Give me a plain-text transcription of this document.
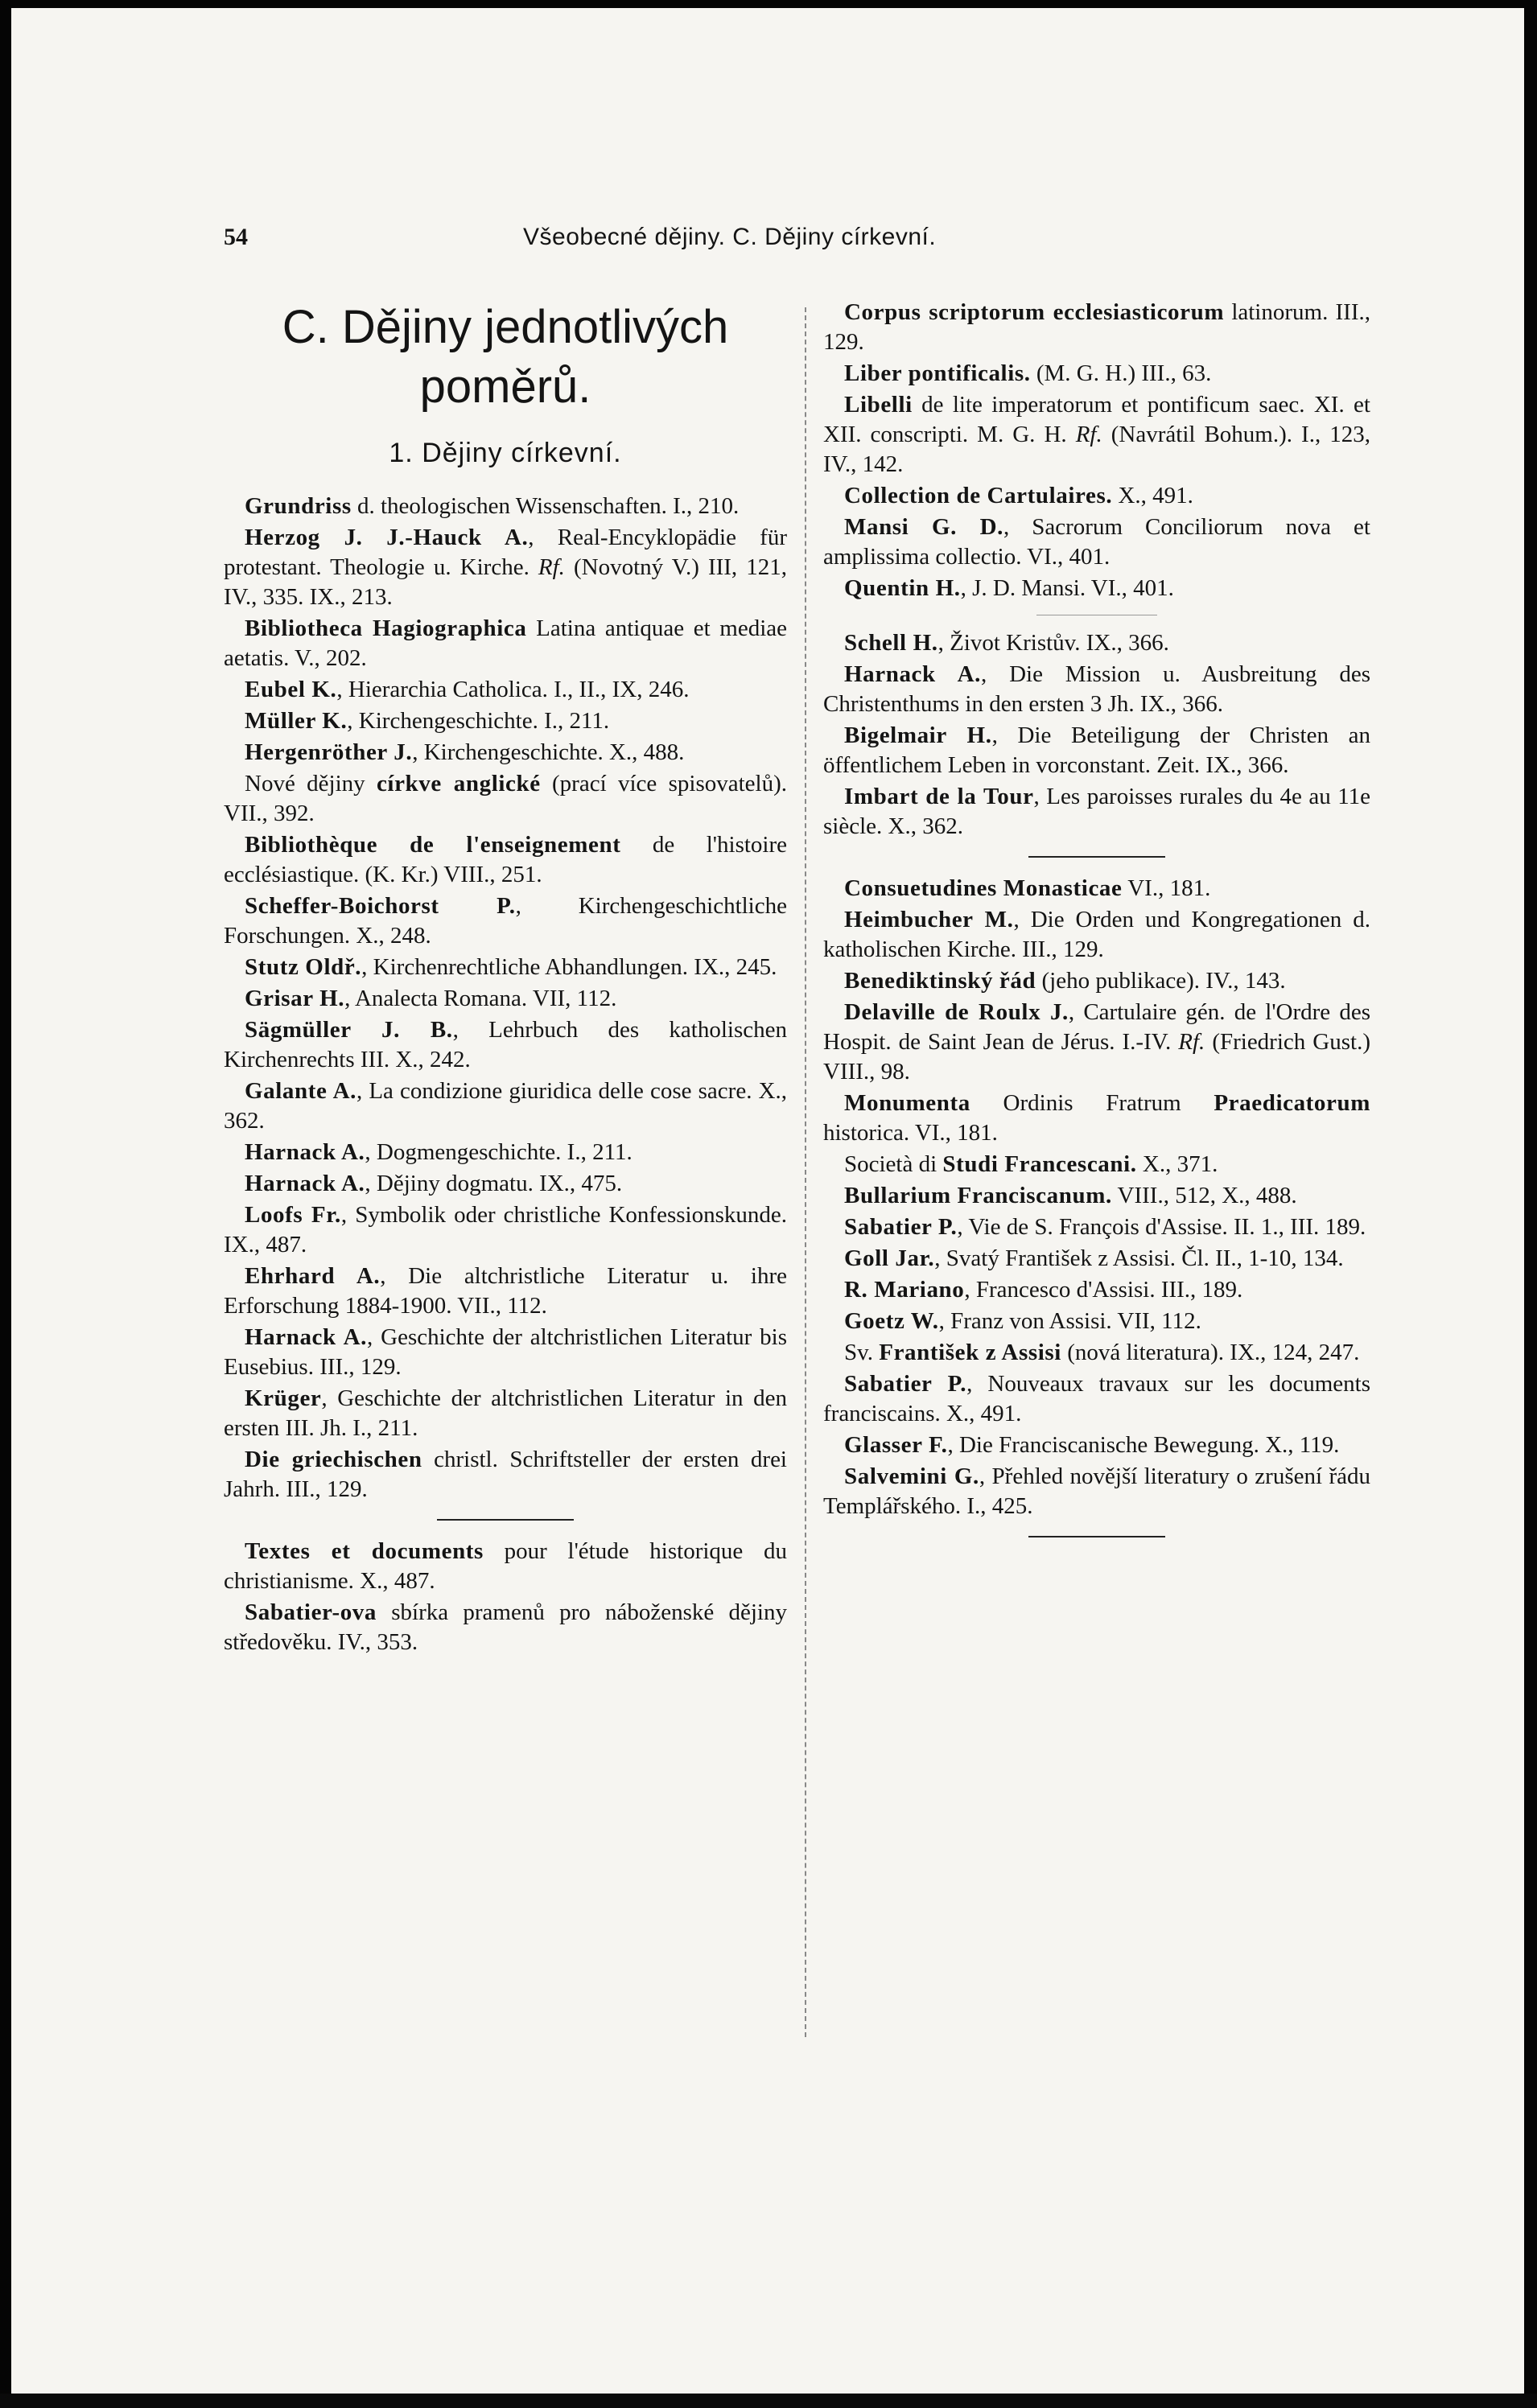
54	Všeobecné dějiny. C. Dějiny církevní.
C. Dějiny jednotlivých poměrů.
1. Dějiny církevní.

Grundriss d. theologischen Wissenschaften. I., 210.

Herzog J. J.-Hauck A., Real-Encyklopädie für protestant. Theologie u. Kirche. Rf. (Novotný V.) III, 121, IV., 335. IX., 213.

Bibliotheca Hagiographica Latina antiquae et mediae aetatis. V., 202.

Eubel K., Hierarchia Catholica. I., II., IX, 246.

Müller K., Kirchengeschichte. I., 211.

Hergenröther J., Kirchengeschichte. X., 488.

Nové dějiny církve anglické (prací více spisovatelů). VII., 392.

Bibliothèque de l'enseignement de l'histoire ecclésiastique. (K. Kr.) VIII., 251.

Scheffer-Boichorst P., Kirchengeschichtliche Forschungen. X., 248.

Stutz Oldř., Kirchenrechtliche Abhandlungen. IX., 245.

Grisar H., Analecta Romana. VII, 112.

Sägmüller J. B., Lehrbuch des katholischen Kirchenrechts III. X., 242.

Galante A., La condizione giuridica delle cose sacre. X., 362.

Harnack A., Dogmengeschichte. I., 211.

Harnack A., Dějiny dogmatu. IX., 475.

Loofs Fr., Symbolik oder christliche Konfessionskunde. IX., 487.

Ehrhard A., Die altchristliche Literatur u. ihre Erforschung 1884-1900. VII., 112.

Harnack A., Geschichte der altchristlichen Literatur bis Eusebius. III., 129.

Krüger, Geschichte der altchristlichen Literatur in den ersten III. Jh. I., 211.

Die griechischen christl. Schriftsteller der ersten drei Jahrh. III., 129.

Textes et documents pour l'étude historique du christianisme. X., 487.

Sabatier-ova sbírka pramenů pro náboženské dějiny středověku. IV., 353.

Corpus scriptorum ecclesiasticorum latinorum. III., 129.

Liber pontificalis. (M. G. H.) III., 63.

Libelli de lite imperatorum et pontificum saec. XI. et XII. conscripti. M. G. H. Rf. (Navrátil Bohum.). I., 123, IV., 142.

Collection de Cartulaires. X., 491.

Mansi G. D., Sacrorum Conciliorum nova et amplissima collectio. VI., 401.

Quentin H., J. D. Mansi. VI., 401.

Schell H., Život Kristův. IX., 366.

Harnack A., Die Mission u. Ausbreitung des Christenthums in den ersten 3 Jh. IX., 366.

Bigelmair H., Die Beteiligung der Christen an öffentlichem Leben in vorconstant. Zeit. IX., 366.

Imbart de la Tour, Les paroisses rurales du 4e au 11e siècle. X., 362.

Consuetudines Monasticae VI., 181.

Heimbucher M., Die Orden und Kongregationen d. katholischen Kirche. III., 129.

Benediktinský řád (jeho publikace). IV., 143.

Delaville de Roulx J., Cartulaire gén. de l'Ordre des Hospit. de Saint Jean de Jérus. I.-IV. Rf. (Friedrich Gust.) VIII., 98.

Monumenta Ordinis Fratrum Praedicatorum historica. VI., 181.

Società di Studi Francescani. X., 371.

Bullarium Franciscanum. VIII., 512, X., 488.

Sabatier P., Vie de S. François d'Assise. II. 1., III. 189.

Goll Jar., Svatý František z Assisi. Čl. II., 1-10, 134.

R. Mariano, Francesco d'Assisi. III., 189.

Goetz W., Franz von Assisi. VII, 112.

Sv. František z Assisi (nová literatura). IX., 124, 247.

Sabatier P., Nouveaux travaux sur les documents franciscains. X., 491.

Glasser F., Die Franciscanische Bewegung. X., 119.

Salvemini G., Přehled novější literatury o zrušení řádu Templářského. I., 425.
